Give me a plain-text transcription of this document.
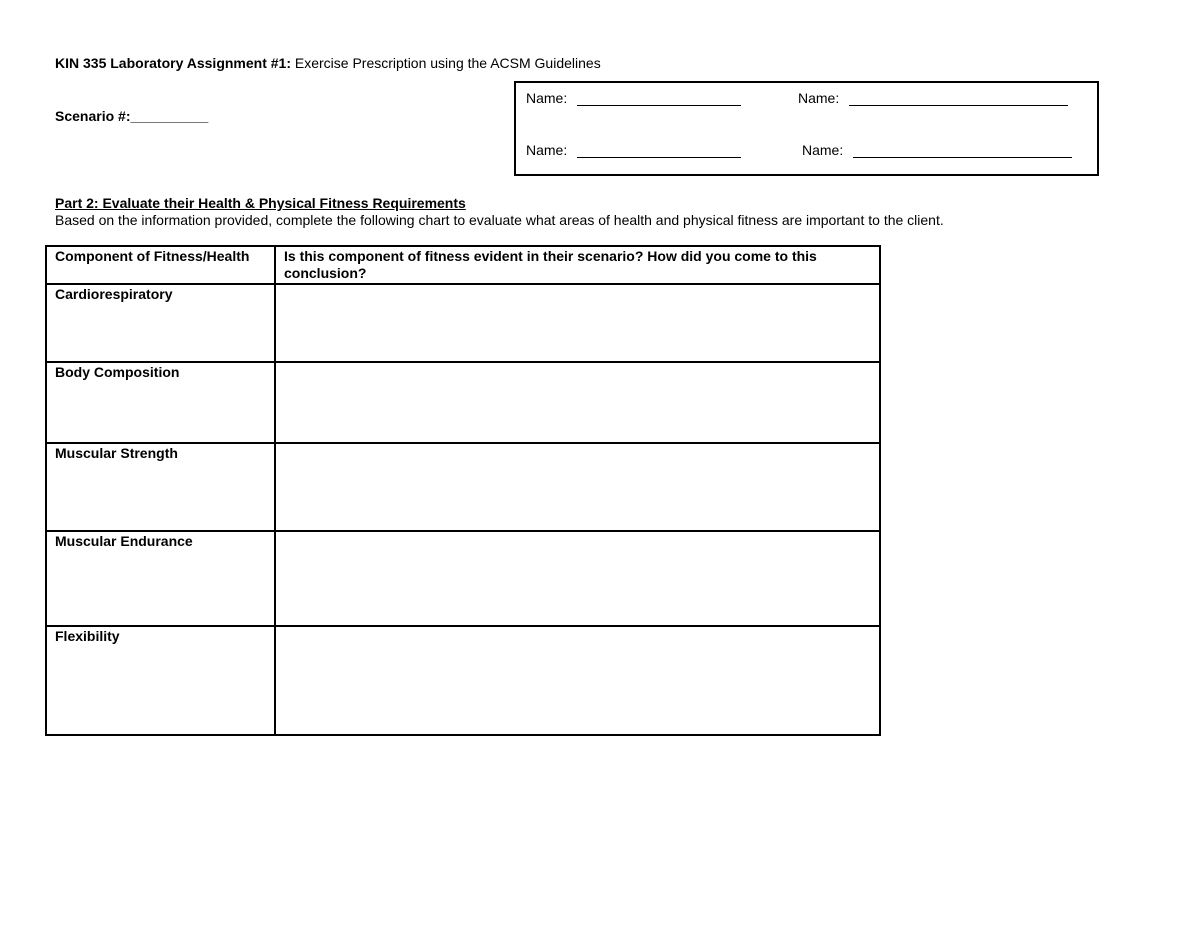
KIN 335 Laboratory Assignment #1: Exercise Prescription using the ACSM Guidelines
Scenario #:__________
Name:	Name:
Name:	Name:
Part 2: Evaluate their Health & Physical Fitness Requirements
Based on the information provided, complete the following chart to evaluate what areas of health and physical fitness are important to the client.
Component of Fitness/Health	Is this component of fitness evident in their scenario? How did you come to this conclusion?
Cardiorespiratory	
Body Composition	
Muscular Strength	
Muscular Endurance	
Flexibility	
